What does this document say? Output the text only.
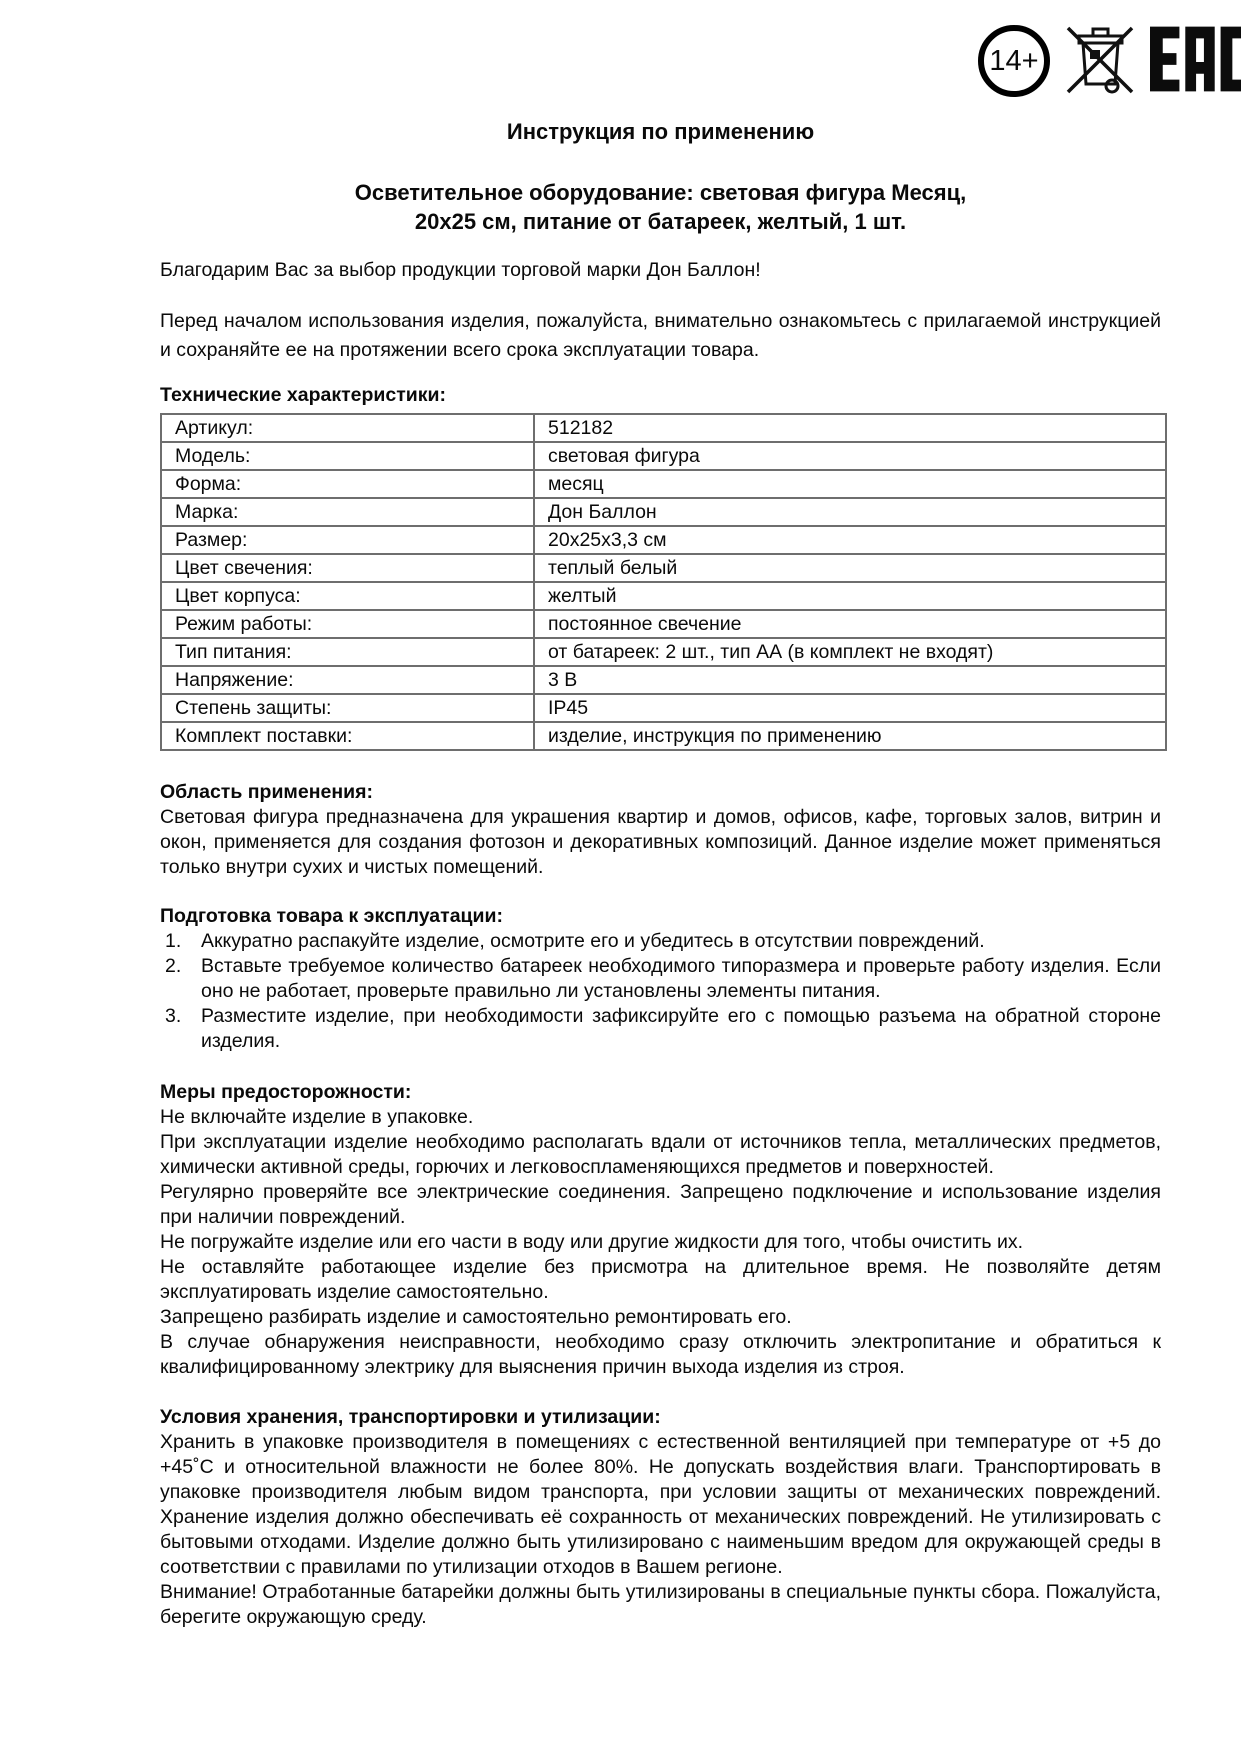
14+
Инструкция по применению
Осветительное оборудование: световая фигура Месяц,
20х25 см, питание от батареек, желтый, 1 шт.

Благодарим Вас за выбор продукции торговой марки Дон Баллон!

Перед началом использования изделия, пожалуйста, внимательно ознакомьтесь с прилагаемой инструкцией и сохраняйте ее на протяжении всего срока эксплуатации товара.

Технические характеристики:
Артикул:	512182
Модель:	световая фигура
Форма:	месяц
Марка:	Дон Баллон
Размер:	20х25х3,3 см
Цвет свечения:	теплый белый
Цвет корпуса:	желтый
Режим работы:	постоянное свечение
Тип питания:	от батареек: 2 шт., тип АА (в комплект не входят)
Напряжение:	3 В
Степень защиты:	IP45
Комплект поставки:	изделие, инструкция по применению
Область применения:

Световая фигура предназначена для украшения квартир и домов, офисов, кафе, торговых залов, витрин и окон, применяется для создания фотозон и декоративных композиций. Данное изделие может применяться только внутри сухих и чистых помещений.

Подготовка товара к эксплуатации:
Аккуратно распакуйте изделие, осмотрите его и убедитесь в отсутствии повреждений.
Вставьте требуемое количество батареек необходимого типоразмера и проверьте работу изделия. Если оно не работает, проверьте правильно ли установлены элементы питания.
Разместите изделие, при необходимости зафиксируйте его с помощью разъема на обратной стороне изделия.
Меры предосторожности:

Не включайте изделие в упаковке.

При эксплуатации изделие необходимо располагать вдали от источников тепла, металлических предметов, химически активной среды, горючих и легковоспламеняющихся предметов и поверхностей.

Регулярно проверяйте все электрические соединения. Запрещено подключение и использование изделия при наличии повреждений.

Не погружайте изделие или его части в воду или другие жидкости для того, чтобы очистить их.

Не оставляйте работающее изделие без присмотра на длительное время. Не позволяйте детям эксплуатировать изделие самостоятельно.

Запрещено разбирать изделие и самостоятельно ремонтировать его.

В случае обнаружения неисправности, необходимо сразу отключить электропитание и обратиться к квалифицированному электрику для выяснения причин выхода изделия из строя.

Условия хранения, транспортировки и утилизации:

Хранить в упаковке производителя в помещениях с естественной вентиляцией при температуре от +5 до +45˚С и относительной влажности не более 80%. Не допускать воздействия влаги. Транспортировать в упаковке производителя любым видом транспорта, при условии защиты от механических повреждений. Хранение изделия должно обеспечивать её сохранность от механических повреждений. Не утилизировать с бытовыми отходами. Изделие должно быть утилизировано с наименьшим вредом для окружающей среды в соответствии с правилами по утилизации отходов в Вашем регионе.

Внимание! Отработанные батарейки должны быть утилизированы в специальные пункты сбора. Пожалуйста, берегите окружающую среду.
